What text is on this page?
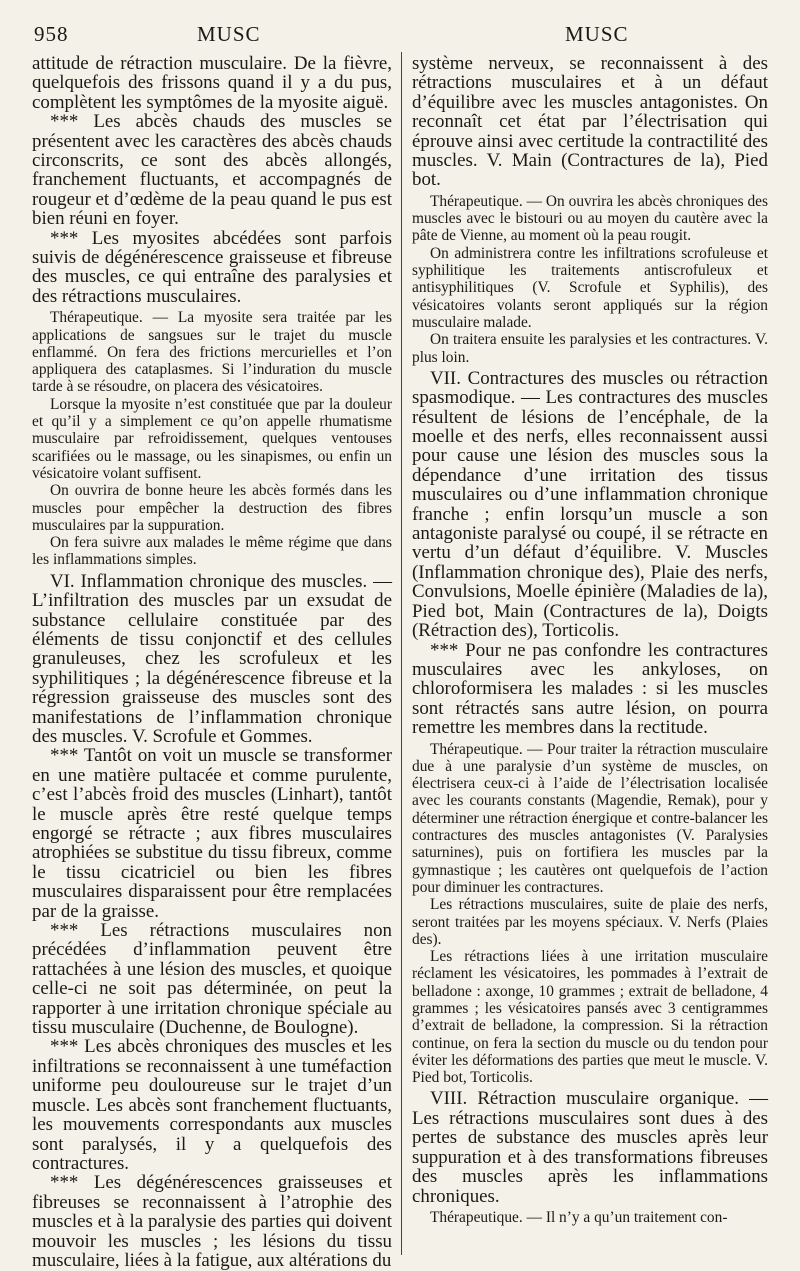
958	MUSC	MUSC

attitude de rétraction musculaire. De la fièvre, quelquefois des frissons quand il y a du pus, complètent les symptômes de la myosite aiguë.

*** Les abcès chauds des muscles se présentent avec les caractères des abcès chauds circonscrits, ce sont des abcès allongés, franchement fluctuants, et accompagnés de rougeur et d’œdème de la peau quand le pus est bien réuni en foyer.

*** Les myosites abcédées sont parfois suivis de dégénérescence graisseuse et fibreuse des muscles, ce qui entraîne des paralysies et des rétractions musculaires.

Thérapeutique. — La myosite sera traitée par les applications de sangsues sur le trajet du muscle enflammé. On fera des frictions mercurielles et l’on appliquera des cataplasmes. Si l’induration du muscle tarde à se résoudre, on placera des vésicatoires.

Lorsque la myosite n’est constituée que par la douleur et qu’il y a simplement ce qu’on appelle rhumatisme musculaire par refroidissement, quelques ventouses scarifiées ou le massage, ou les sinapismes, ou enfin un vésicatoire volant suffisent.

On ouvrira de bonne heure les abcès formés dans les muscles pour empêcher la destruction des fibres musculaires par la suppuration.

On fera suivre aux malades le même régime que dans les inflammations simples.

VI. Inflammation chronique des muscles. — L’infiltration des muscles par un exsudat de substance cellulaire constituée par des éléments de tissu conjonctif et des cellules granuleuses, chez les scrofuleux et les syphilitiques ; la dégénérescence fibreuse et la régression graisseuse des muscles sont des manifestations de l’inflammation chronique des muscles. V. Scrofule et Gommes.

*** Tantôt on voit un muscle se transformer en une matière pultacée et comme purulente, c’est l’abcès froid des muscles (Linhart), tantôt le muscle après être resté quelque temps engorgé se rétracte ; aux fibres musculaires atrophiées se substitue du tissu fibreux, comme le tissu cicatriciel ou bien les fibres musculaires disparaissent pour être remplacées par de la graisse.

*** Les rétractions musculaires non précédées d’inflammation peuvent être rattachées à une lésion des muscles, et quoique celle-ci ne soit pas déterminée, on peut la rapporter à une irritation chronique spéciale au tissu musculaire (Duchenne, de Boulogne).

*** Les abcès chroniques des muscles et les infiltrations se reconnaissent à une tuméfaction uniforme peu douloureuse sur le trajet d’un muscle. Les abcès sont franchement fluctuants, les mouvements correspondants aux muscles sont paralysés, il y a quelquefois des contractures.

*** Les dégénérescences graisseuses et fibreuses se reconnaissent à l’atrophie des muscles et à la paralysie des parties qui doivent mouvoir les muscles ; les lésions du tissu musculaire, liées à la fatigue, aux altérations du

système nerveux, se reconnaissent à des rétractions musculaires et à un défaut d’équilibre avec les muscles antagonistes. On reconnaît cet état par l’électrisation qui éprouve ainsi avec certitude la contractilité des muscles. V. Main (Contractures de la), Pied bot.

Thérapeutique. — On ouvrira les abcès chroniques des muscles avec le bistouri ou au moyen du cautère avec la pâte de Vienne, au moment où la peau rougit.

On administrera contre les infiltrations scrofuleuse et syphilitique les traitements antiscrofuleux et antisyphilitiques (V. Scrofule et Syphilis), des vésicatoires volants seront appliqués sur la région musculaire malade.

On traitera ensuite les paralysies et les contractures. V. plus loin.

VII. Contractures des muscles ou rétraction spasmodique. — Les contractures des muscles résultent de lésions de l’encéphale, de la moelle et des nerfs, elles reconnaissent aussi pour cause une lésion des muscles sous la dépendance d’une irritation des tissus musculaires ou d’une inflammation chronique franche ; enfin lorsqu’un muscle a son antagoniste paralysé ou coupé, il se rétracte en vertu d’un défaut d’équilibre. V. Muscles (Inflammation chronique des), Plaie des nerfs, Convulsions, Moelle épinière (Maladies de la), Pied bot, Main (Contractures de la), Doigts (Rétraction des), Torticolis.

*** Pour ne pas confondre les contractures musculaires avec les ankyloses, on chloroformisera les malades : si les muscles sont rétractés sans autre lésion, on pourra remettre les membres dans la rectitude.

Thérapeutique. — Pour traiter la rétraction musculaire due à une paralysie d’un système de muscles, on électrisera ceux-ci à l’aide de l’électrisation localisée avec les courants constants (Magendie, Remak), pour y déterminer une rétraction énergique et contre-balancer les contractures des muscles antagonistes (V. Paralysies saturnines), puis on fortifiera les muscles par la gymnastique ; les cautères ont quelquefois de l’action pour diminuer les contractures.

Les rétractions musculaires, suite de plaie des nerfs, seront traitées par les moyens spéciaux. V. Nerfs (Plaies des).

Les rétractions liées à une irritation musculaire réclament les vésicatoires, les pommades à l’extrait de belladone : axonge, 10 grammes ; extrait de belladone, 4 grammes ; les vésicatoires pansés avec 3 centigrammes d’extrait de belladone, la compression. Si la rétraction continue, on fera la section du muscle ou du tendon pour éviter les déformations des parties que meut le muscle. V. Pied bot, Torticolis.

VIII. Rétraction musculaire organique. — Les rétractions musculaires sont dues à des pertes de substance des muscles après leur suppuration et à des transformations fibreuses des muscles après les inflammations chroniques.

Thérapeutique. — Il n’y a qu’un traitement con-
